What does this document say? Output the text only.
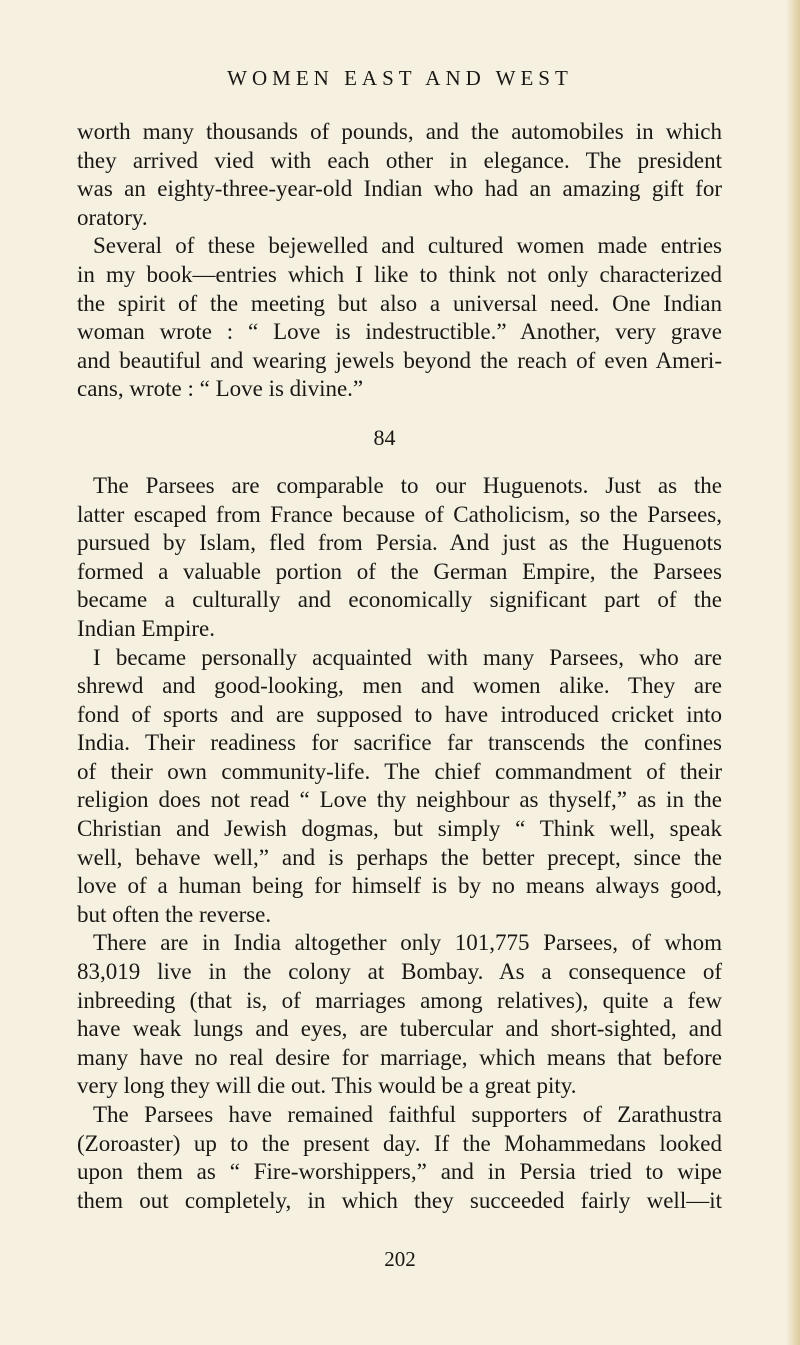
WOMEN EAST AND WEST
worth many thousands of pounds, and the automobiles in which
they arrived vied with each other in elegance. The president
was an eighty-three-year-old Indian who had an amazing gift for
oratory.
Several of these bejewelled and cultured women made entries
in my book—entries which I like to think not only characterized
the spirit of the meeting but also a universal need. One Indian
woman wrote : “ Love is indestructible.” Another, very grave
and beautiful and wearing jewels beyond the reach of even Ameri-
cans, wrote : “ Love is divine.”
84
The Parsees are comparable to our Huguenots. Just as the
latter escaped from France because of Catholicism, so the Parsees,
pursued by Islam, fled from Persia. And just as the Huguenots
formed a valuable portion of the German Empire, the Parsees
became a culturally and economically significant part of the
Indian Empire.
I became personally acquainted with many Parsees, who are
shrewd and good-looking, men and women alike. They are
fond of sports and are supposed to have introduced cricket into
India. Their readiness for sacrifice far transcends the confines
of their own community-life. The chief commandment of their
religion does not read “ Love thy neighbour as thyself,” as in the
Christian and Jewish dogmas, but simply “ Think well, speak
well, behave well,” and is perhaps the better precept, since the
love of a human being for himself is by no means always good,
but often the reverse.
There are in India altogether only 101,775 Parsees, of whom
83,019 live in the colony at Bombay. As a consequence of
inbreeding (that is, of marriages among relatives), quite a few
have weak lungs and eyes, are tubercular and short-sighted, and
many have no real desire for marriage, which means that before
very long they will die out. This would be a great pity.
The Parsees have remained faithful supporters of Zarathustra
(Zoroaster) up to the present day. If the Mohammedans looked
upon them as “ Fire-worshippers,” and in Persia tried to wipe
them out completely, in which they succeeded fairly well—it
202
